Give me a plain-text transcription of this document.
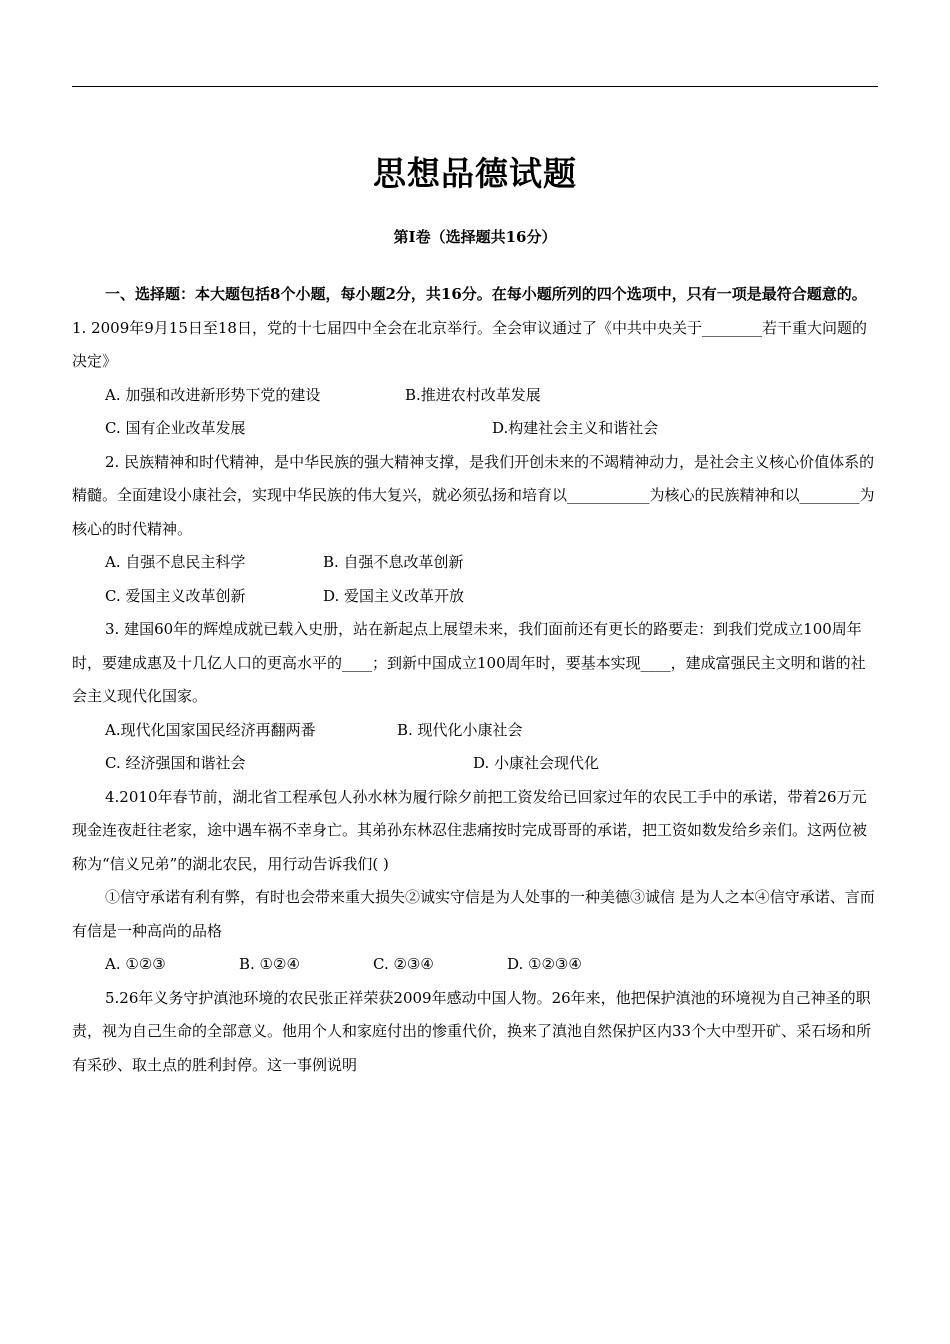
思想品德试题
第Ⅰ卷（选择题共16分）

一、选择题：本大题包括8个小题，每小题2分，共16分。在每小题所列的四个选项中，只有一项是最符合题意的。

1. 2009年9月15日至18日，党的十七届四中全会在北京举行。全会审议通过了《中共中央关于________若干重大问题的决定》

A. 加强和改进新形势下党的建设	B.推进农村改革发展

C. 国有企业改革发展	D.构建社会主义和谐社会

2. 民族精神和时代精神，是中华民族的强大精神支撑，是我们开创未来的不竭精神动力，是社会主义核心价值体系的精髓。全面建设小康社会，实现中华民族的伟大复兴，就必须弘扬和培育以___________为核心的民族精神和以________为核心的时代精神。

A. 自强不息民主科学	B. 自强不息改革创新

C. 爱国主义改革创新	D. 爱国主义改革开放

3. 建国60年的辉煌成就已载入史册，站在新起点上展望未来，我们面前还有更长的路要走：到我们党成立100周年时，要建成惠及十几亿人口的更高水平的____；到新中国成立100周年时，要基本实现____，建成富强民主文明和谐的社会主义现代化国家。

A.现代化国家国民经济再翻两番	B. 现代化小康社会

C. 经济强国和谐社会	D. 小康社会现代化

4.2010年春节前，湖北省工程承包人孙水林为履行除夕前把工资发给已回家过年的农民工手中的承诺，带着26万元现金连夜赶往老家，途中遇车祸不幸身亡。其弟孙东林忍住悲痛按时完成哥哥的承诺，把工资如数发给乡亲们。这两位被称为“信义兄弟”的湖北农民，用行动告诉我们( )

①信守承诺有利有弊，有时也会带来重大损失②诚实守信是为人处事的一种美德③诚信 是为人之本④信守承诺、言而有信是一种高尚的品格

A. ①②③	B. ①②④	C. ②③④	D. ①②③④

5.26年义务守护滇池环境的农民张正祥荣获2009年感动中国人物。26年来，他把保护滇池的环境视为自己神圣的职责，视为自己生命的全部意义。他用个人和家庭付出的惨重代价，换来了滇池自然保护区内33个大中型开矿、采石场和所有采砂、取土点的胜利封停。这一事例说明
